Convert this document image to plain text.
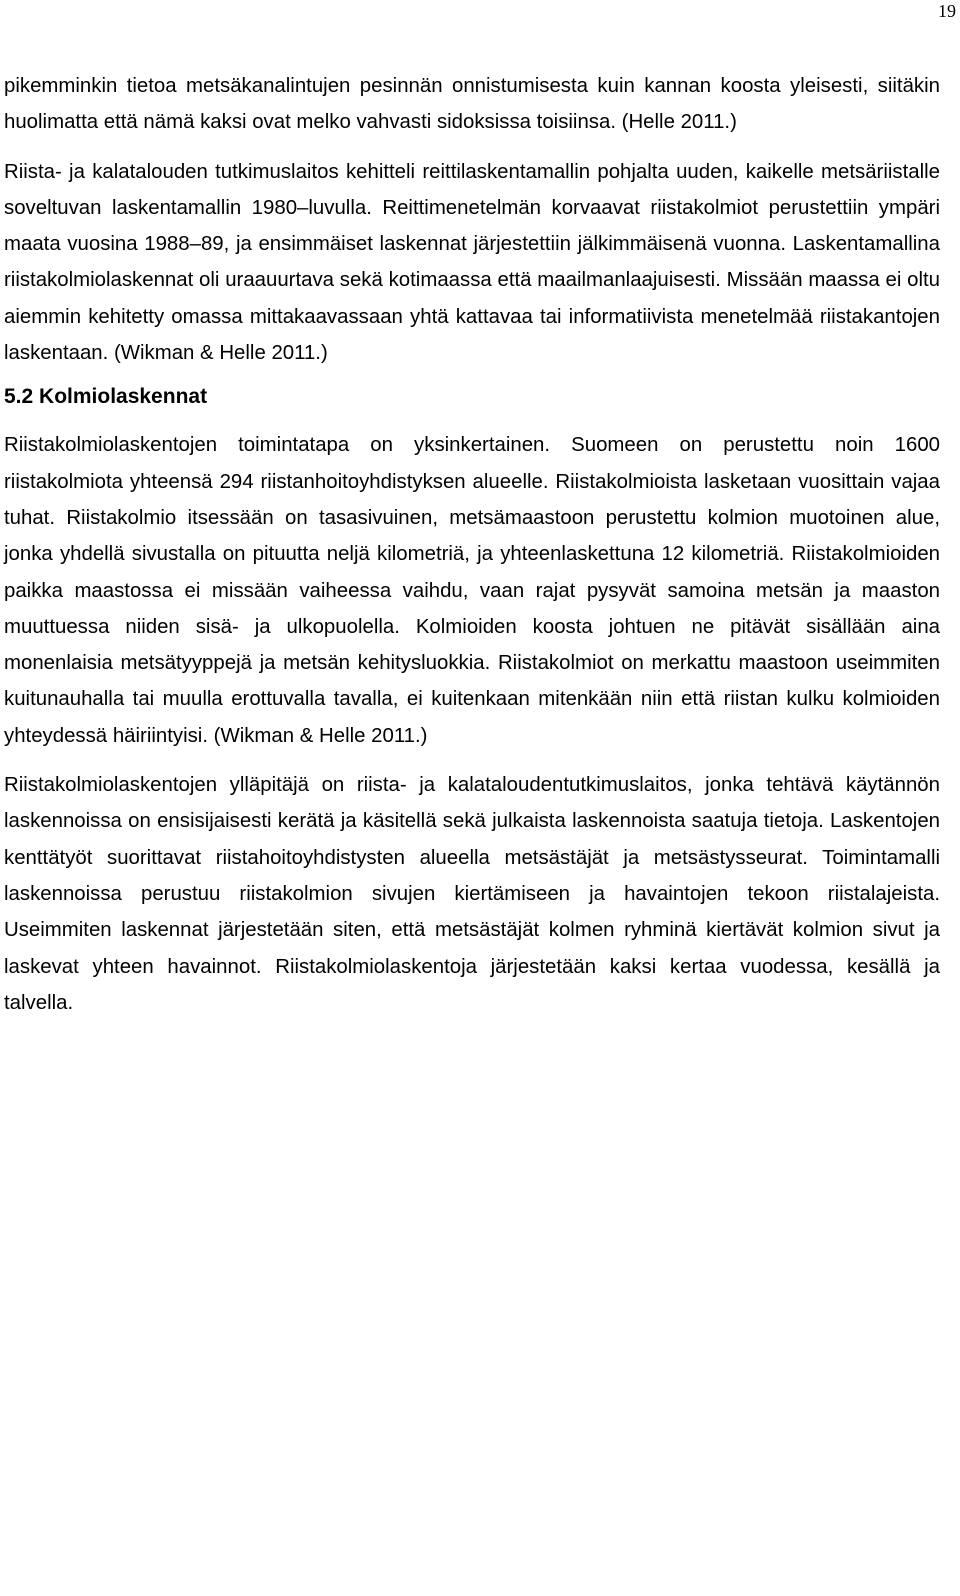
19

pikemminkin tietoa metsäkanalintujen pesinnän onnistumisesta kuin kannan koosta yleisesti, siitäkin huolimatta että nämä kaksi ovat melko vahvasti sidoksissa toisiinsa. (Helle 2011.)

Riista- ja kalatalouden tutkimuslaitos kehitteli reittilaskentamallin pohjalta uuden, kaikelle metsäriistalle soveltuvan laskentamallin 1980–luvulla. Reittimenetelmän korvaavat riistakolmiot perustettiin ympäri maata vuosina 1988–89, ja ensimmäiset laskennat järjestettiin jälkimmäisenä vuonna. Laskentamallina riistakolmiolaskennat oli uraauurtava sekä kotimaassa että maailmanlaajuisesti. Missään maassa ei oltu aiemmin kehitetty omassa mittakaavassaan yhtä kattavaa tai informatiivista menetelmää riistakantojen laskentaan. (Wikman & Helle 2011.)

5.2 Kolmiolaskennat

Riistakolmiolaskentojen toimintatapa on yksinkertainen. Suomeen on perustettu noin 1600 riistakolmiota yhteensä 294 riistanhoitoyhdistyksen alueelle. Riistakolmioista lasketaan vuosittain vajaa tuhat. Riistakolmio itsessään on tasasivuinen, metsämaastoon perustettu kolmion muotoinen alue, jonka yhdellä sivustalla on pituutta neljä kilometriä, ja yhteenlaskettuna 12 kilometriä. Riistakolmioiden paikka maastossa ei missään vaiheessa vaihdu, vaan rajat pysyvät samoina metsän ja maaston muuttuessa niiden sisä- ja ulkopuolella. Kolmioiden koosta johtuen ne pitävät sisällään aina monenlaisia metsätyyppejä ja metsän kehitysluokkia. Riistakolmiot on merkattu maastoon useimmiten kuitunauhalla tai muulla erottuvalla tavalla, ei kuitenkaan mitenkään niin että riistan kulku kolmioiden yhteydessä häiriintyisi. (Wikman & Helle 2011.)

Riistakolmiolaskentojen ylläpitäjä on riista- ja kalataloudentutkimuslaitos, jonka tehtävä käytännön laskennoissa on ensisijaisesti kerätä ja käsitellä sekä julkaista laskennoista saatuja tietoja. Laskentojen kenttätyöt suorittavat riistahoitoyhdistysten alueella metsästäjät ja metsästysseurat. Toimintamalli laskennoissa perustuu riistakolmion sivujen kiertämiseen ja havaintojen tekoon riistalajeista. Useimmiten laskennat järjestetään siten, että metsästäjät kolmen ryhminä kiertävät kolmion sivut ja laskevat yhteen havainnot. Riistakolmiolaskentoja järjestetään kaksi kertaa vuodessa, kesällä ja talvella.
